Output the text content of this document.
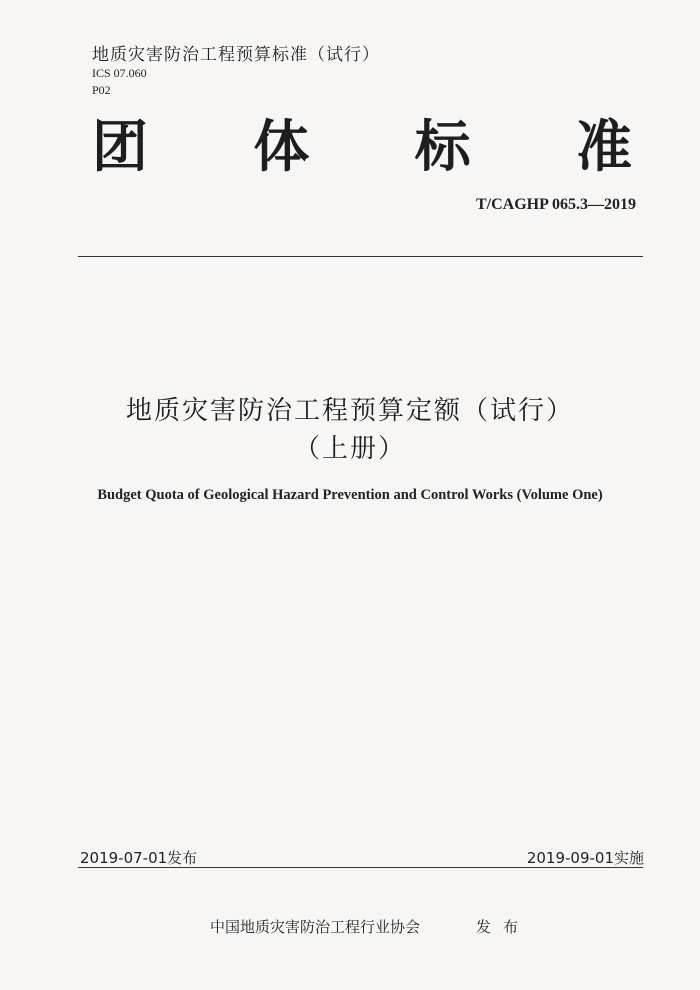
地质灾害防治工程预算标准（试行）
ICS 07.060
P02
团 体 标 准
T/CAGHP 065.3—2019
地质灾害防治工程预算定额（试行）
（上册）
Budget Quota of Geological Hazard Prevention and Control Works (Volume One)
2019-07-01发布	2019-09-01实施
中国地质灾害防治工程行业协会	发布
